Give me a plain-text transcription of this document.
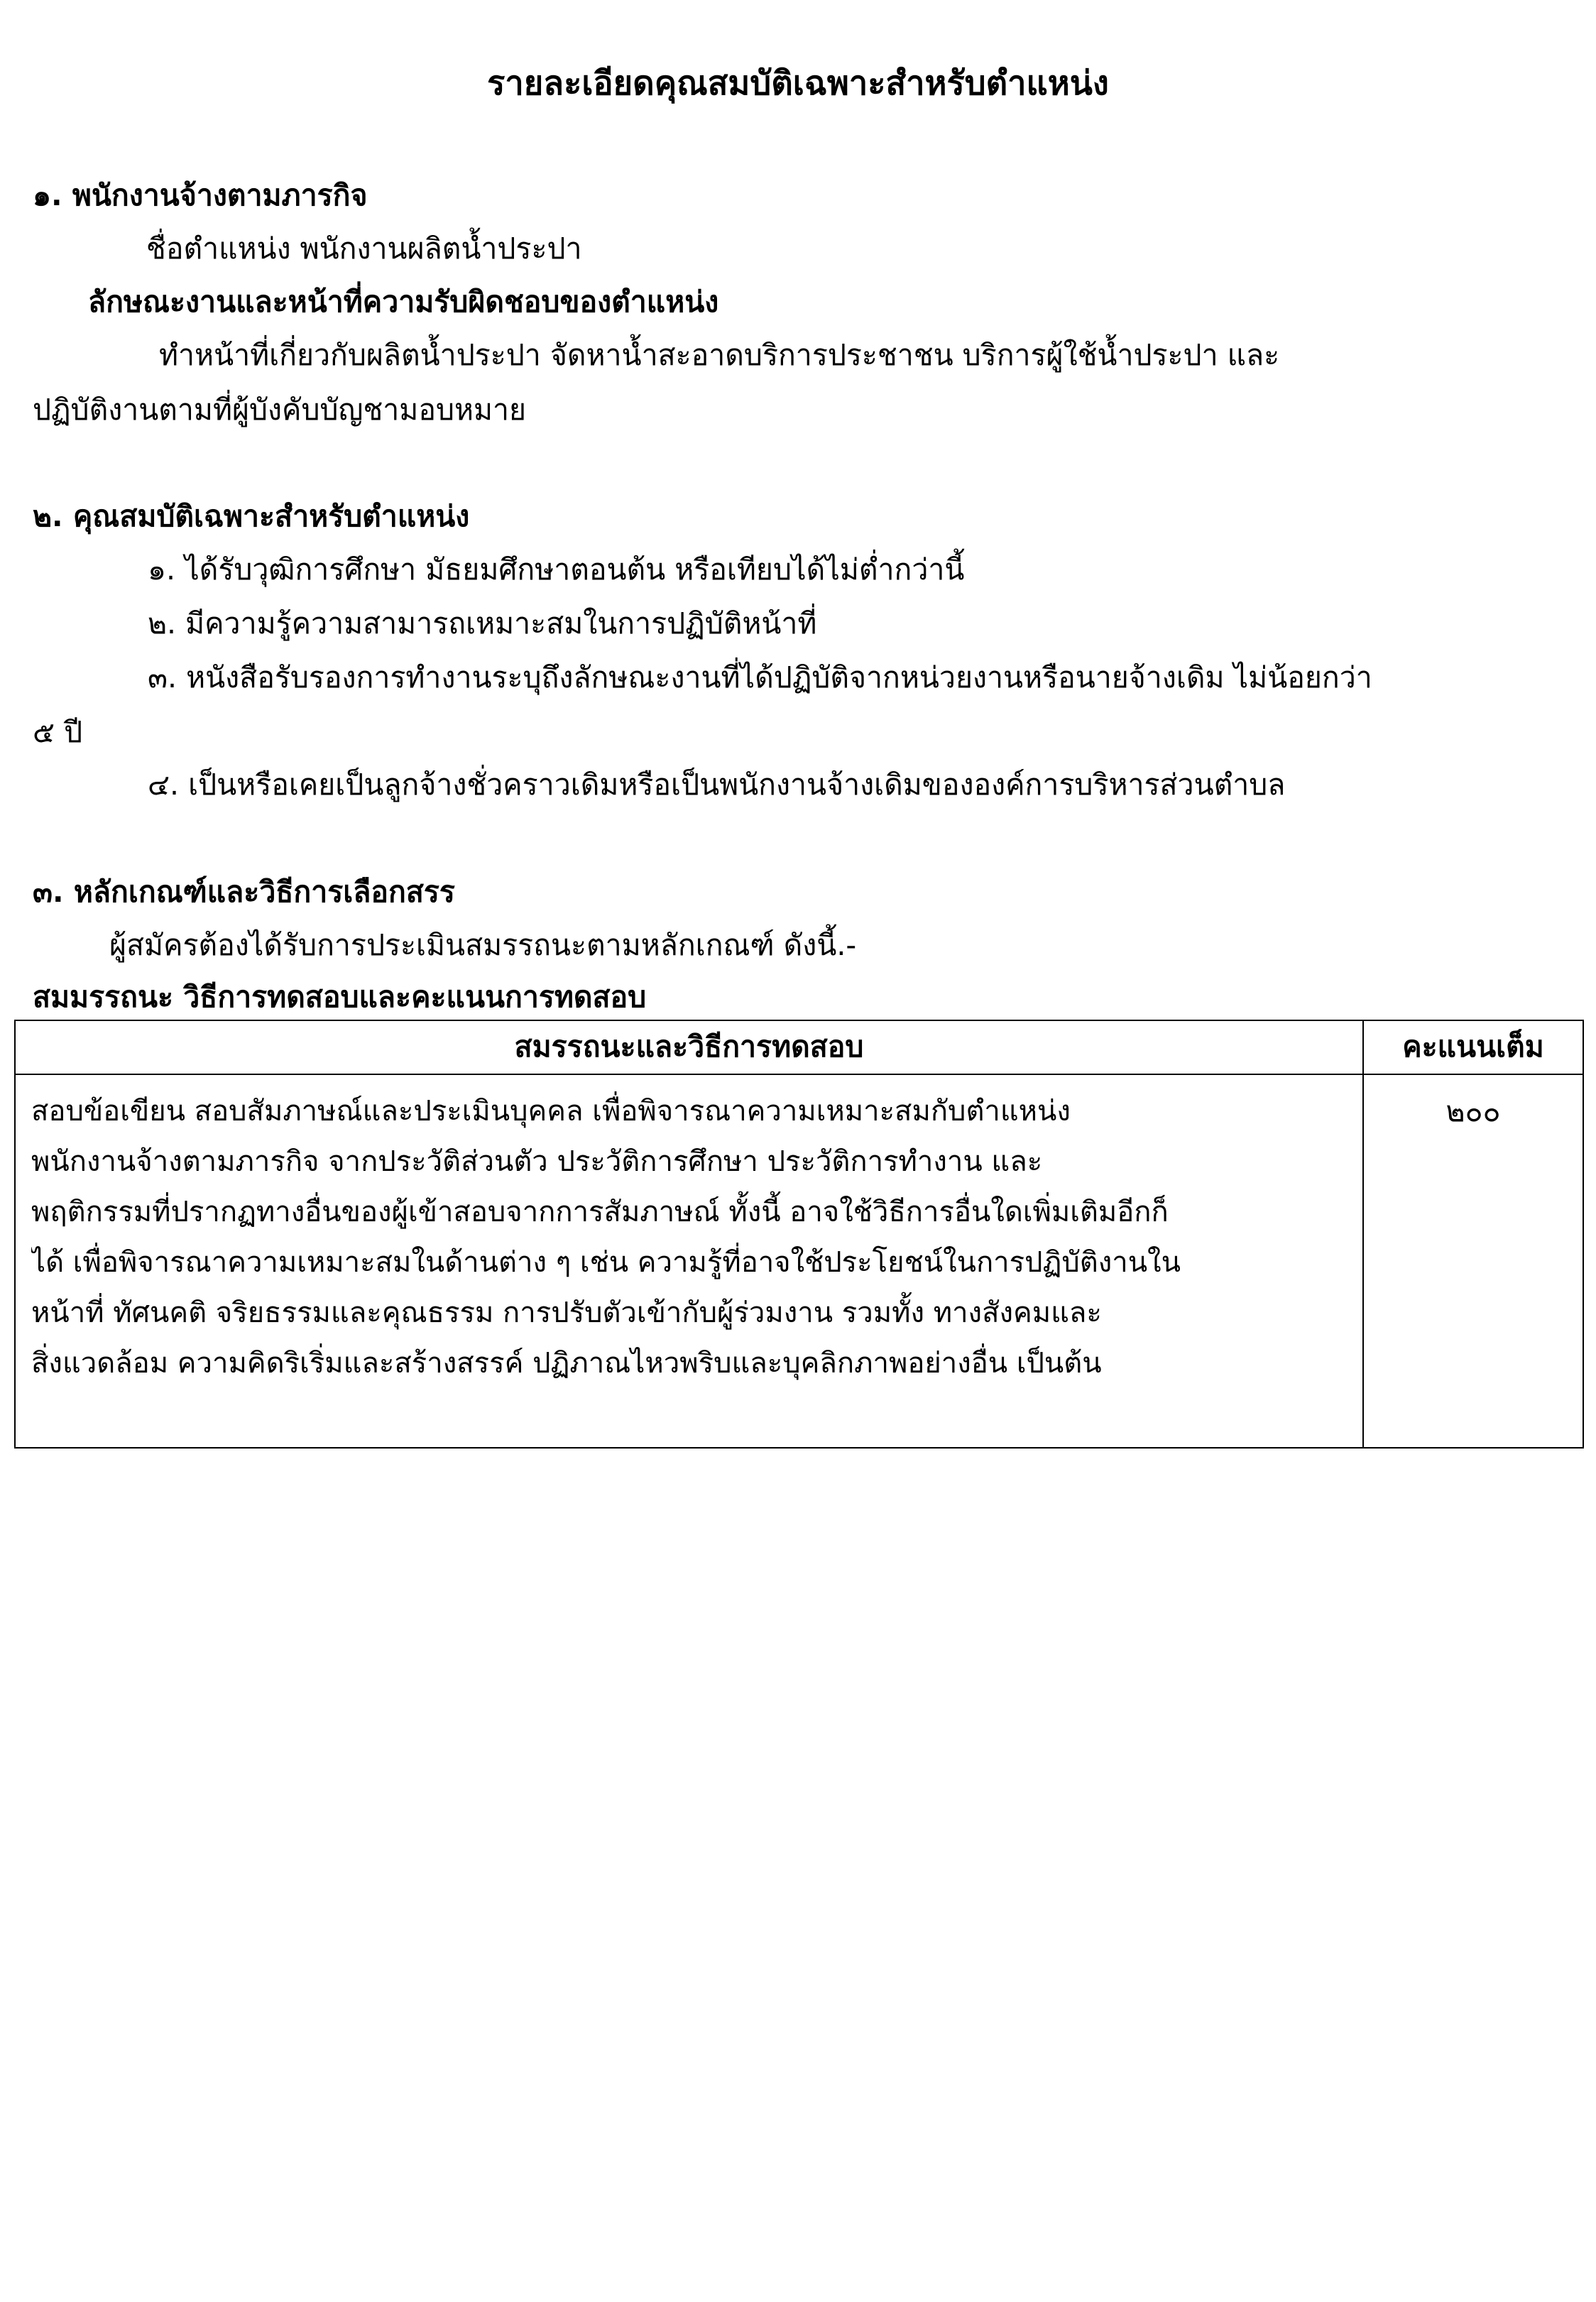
รายละเอียดคุณสมบัติเฉพาะสำหรับตำแหน่ง
๑. พนักงานจ้างตามภารกิจ
ชื่อตำแหน่ง พนักงานผลิตน้ำประปา
ลักษณะงานและหน้าที่ความรับผิดชอบของตำแหน่ง
ทำหน้าที่เกี่ยวกับผลิตน้ำประปา จัดหาน้ำสะอาดบริการประชาชน บริการผู้ใช้น้ำประปา และ
ปฏิบัติงานตามที่ผู้บังคับบัญชามอบหมาย
๒. คุณสมบัติเฉพาะสำหรับตำแหน่ง
๑. ได้รับวุฒิการศึกษา มัธยมศึกษาตอนต้น หรือเทียบได้ไม่ต่ำกว่านี้
๒. มีความรู้ความสามารถเหมาะสมในการปฏิบัติหน้าที่
๓. หนังสือรับรองการทำงานระบุถึงลักษณะงานที่ได้ปฏิบัติจากหน่วยงานหรือนายจ้างเดิม ไม่น้อยกว่า
๕ ปี
๔. เป็นหรือเคยเป็นลูกจ้างชั่วคราวเดิมหรือเป็นพนักงานจ้างเดิมขององค์การบริหารส่วนตำบล
๓. หลักเกณฑ์และวิธีการเลือกสรร
ผู้สมัครต้องได้รับการประเมินสมรรถนะตามหลักเกณฑ์ ดังนี้.-
สมมรรถนะ วิธีการทดสอบและคะแนนการทดสอบ
สมรรถนะและวิธีการทดสอบ	คะแนนเต็ม
สอบข้อเขียน สอบสัมภาษณ์และประเมินบุคคล เพื่อพิจารณาความเหมาะสมกับตำแหน่ง
พนักงานจ้างตามภารกิจ จากประวัติส่วนตัว ประวัติการศึกษา ประวัติการทำงาน และ
พฤติกรรมที่ปรากฏทางอื่นของผู้เข้าสอบจากการสัมภาษณ์ ทั้งนี้ อาจใช้วิธีการอื่นใดเพิ่มเติมอีกก็
ได้ เพื่อพิจารณาความเหมาะสมในด้านต่าง ๆ เช่น ความรู้ที่อาจใช้ประโยชน์ในการปฏิบัติงานใน
หน้าที่ ทัศนคติ จริยธรรมและคุณธรรม การปรับตัวเข้ากับผู้ร่วมงาน รวมทั้ง ทางสังคมและ
สิ่งแวดล้อม ความคิดริเริ่มและสร้างสรรค์ ปฏิภาณไหวพริบและบุคลิกภาพอย่างอื่น เป็นต้น
๒๐๐
